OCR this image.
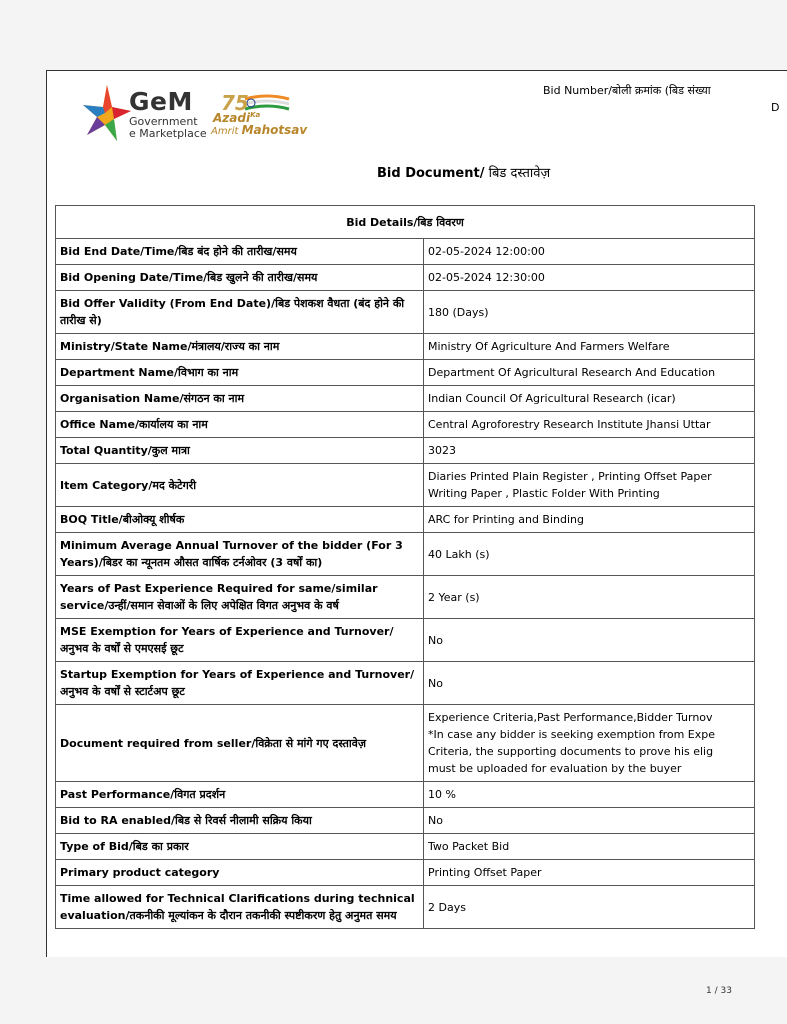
GeM
Government
e Marketplace
75
Azadi$^{Ka}$
Amrit Mahotsav
Bid Number/बोली क्रमांक (बिड संख्या
D
Bid Document/ बिड दस्तावेज़
Bid Details/बिड विवरण	
Bid End Date/Time/बिड बंद होने की तारीख/समय	02-05-2024 12:00:00
Bid Opening Date/Time/बिड खुलने की तारीख/समय	02-05-2024 12:30:00
Bid Offer Validity (From End Date)/बिड पेशकश वैधता (बंद होने की तारीख से)	180 (Days)
Ministry/State Name/मंत्रालय/राज्य का नाम	Ministry Of Agriculture And Farmers Welfare
Department Name/विभाग का नाम	Department Of Agricultural Research And Education
Organisation Name/संगठन का नाम	Indian Council Of Agricultural Research (icar)
Office Name/कार्यालय का नाम	Central Agroforestry Research Institute Jhansi Uttar
Total Quantity/कुल मात्रा	3023
Item Category/मद केटेगरी	Diaries Printed Plain Register , Printing Offset Paper
Writing Paper , Plastic Folder With Printing
BOQ Title/बीओक्यू शीर्षक	ARC for Printing and Binding
Minimum Average Annual Turnover of the bidder (For 3 Years)/बिडर का न्यूनतम औसत वार्षिक टर्नओवर (3 वर्षों का)	40 Lakh (s)
Years of Past Experience Required for same/similar service/उन्हीं/समान सेवाओं के लिए अपेक्षित विगत अनुभव के वर्ष	2 Year (s)
MSE Exemption for Years of Experience and Turnover/ अनुभव के वर्षों से एमएसई छूट	No
Startup Exemption for Years of Experience and Turnover/ अनुभव के वर्षों से स्टार्टअप छूट	No
Document required from seller/विक्रेता से मांगे गए दस्तावेज़	Experience Criteria,Past Performance,Bidder Turnov
*In case any bidder is seeking exemption from Expe
Criteria, the supporting documents to prove his elig
must be uploaded for evaluation by the buyer
Past Performance/विगत प्रदर्शन	10 %
Bid to RA enabled/बिड से रिवर्स नीलामी सक्रिय किया	No
Type of Bid/बिड का प्रकार	Two Packet Bid
Primary product category	Printing Offset Paper
Time allowed for Technical Clarifications during technical evaluation/तकनीकी मूल्यांकन के दौरान तकनीकी स्पष्टीकरण हेतु अनुमत समय	2 Days
1 / 33
